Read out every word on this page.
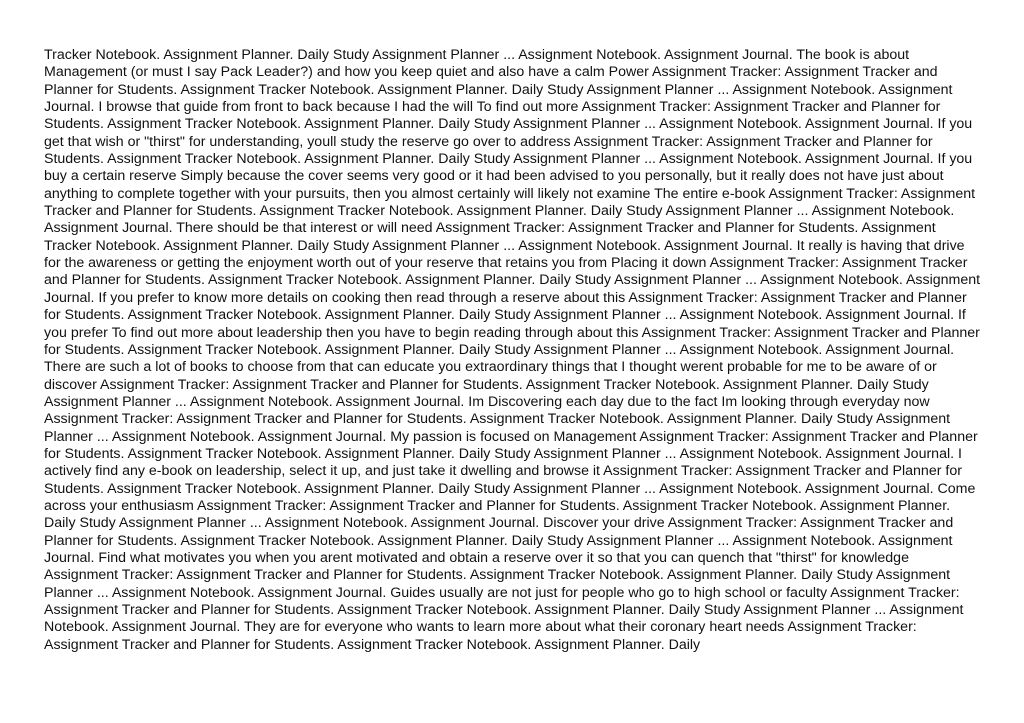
Tracker Notebook. Assignment Planner. Daily Study Assignment Planner ... Assignment Notebook. Assignment Journal. The book is about Management (or must I say Pack Leader?) and how you keep quiet and also have a calm Power Assignment Tracker: Assignment Tracker and Planner for Students. Assignment Tracker Notebook. Assignment Planner. Daily Study Assignment Planner ... Assignment Notebook. Assignment Journal. I browse that guide from front to back because I had the will To find out more Assignment Tracker: Assignment Tracker and Planner for Students. Assignment Tracker Notebook. Assignment Planner. Daily Study Assignment Planner ... Assignment Notebook. Assignment Journal. If you get that wish or "thirst" for understanding, youll study the reserve go over to address Assignment Tracker: Assignment Tracker and Planner for Students. Assignment Tracker Notebook. Assignment Planner. Daily Study Assignment Planner ... Assignment Notebook. Assignment Journal. If you buy a certain reserve Simply because the cover seems very good or it had been advised to you personally, but it really does not have just about anything to complete together with your pursuits, then you almost certainly will likely not examine The entire e-book Assignment Tracker: Assignment Tracker and Planner for Students. Assignment Tracker Notebook. Assignment Planner. Daily Study Assignment Planner ... Assignment Notebook. Assignment Journal. There should be that interest or will need Assignment Tracker: Assignment Tracker and Planner for Students. Assignment Tracker Notebook. Assignment Planner. Daily Study Assignment Planner ... Assignment Notebook. Assignment Journal. It really is having that drive for the awareness or getting the enjoyment worth out of your reserve that retains you from Placing it down Assignment Tracker: Assignment Tracker and Planner for Students. Assignment Tracker Notebook. Assignment Planner. Daily Study Assignment Planner ... Assignment Notebook. Assignment Journal. If you prefer to know more details on cooking then read through a reserve about this Assignment Tracker: Assignment Tracker and Planner for Students. Assignment Tracker Notebook. Assignment Planner. Daily Study Assignment Planner ... Assignment Notebook. Assignment Journal. If you prefer To find out more about leadership then you have to begin reading through about this Assignment Tracker: Assignment Tracker and Planner for Students. Assignment Tracker Notebook. Assignment Planner. Daily Study Assignment Planner ... Assignment Notebook. Assignment Journal. There are such a lot of books to choose from that can educate you extraordinary things that I thought werent probable for me to be aware of or discover Assignment Tracker: Assignment Tracker and Planner for Students. Assignment Tracker Notebook. Assignment Planner. Daily Study Assignment Planner ... Assignment Notebook. Assignment Journal. Im Discovering each day due to the fact Im looking through everyday now Assignment Tracker: Assignment Tracker and Planner for Students. Assignment Tracker Notebook. Assignment Planner. Daily Study Assignment Planner ... Assignment Notebook. Assignment Journal. My passion is focused on Management Assignment Tracker: Assignment Tracker and Planner for Students. Assignment Tracker Notebook. Assignment Planner. Daily Study Assignment Planner ... Assignment Notebook. Assignment Journal. I actively find any e-book on leadership, select it up, and just take it dwelling and browse it Assignment Tracker: Assignment Tracker and Planner for Students. Assignment Tracker Notebook. Assignment Planner. Daily Study Assignment Planner ... Assignment Notebook. Assignment Journal. Come across your enthusiasm Assignment Tracker: Assignment Tracker and Planner for Students. Assignment Tracker Notebook. Assignment Planner. Daily Study Assignment Planner ... Assignment Notebook. Assignment Journal. Discover your drive Assignment Tracker: Assignment Tracker and Planner for Students. Assignment Tracker Notebook. Assignment Planner. Daily Study Assignment Planner ... Assignment Notebook. Assignment Journal. Find what motivates you when you arent motivated and obtain a reserve over it so that you can quench that "thirst" for knowledge Assignment Tracker: Assignment Tracker and Planner for Students. Assignment Tracker Notebook. Assignment Planner. Daily Study Assignment Planner ... Assignment Notebook. Assignment Journal. Guides usually are not just for people who go to high school or faculty Assignment Tracker: Assignment Tracker and Planner for Students. Assignment Tracker Notebook. Assignment Planner. Daily Study Assignment Planner ... Assignment Notebook. Assignment Journal. They are for everyone who wants to learn more about what their coronary heart needs Assignment Tracker: Assignment Tracker and Planner for Students. Assignment Tracker Notebook. Assignment Planner. Daily
